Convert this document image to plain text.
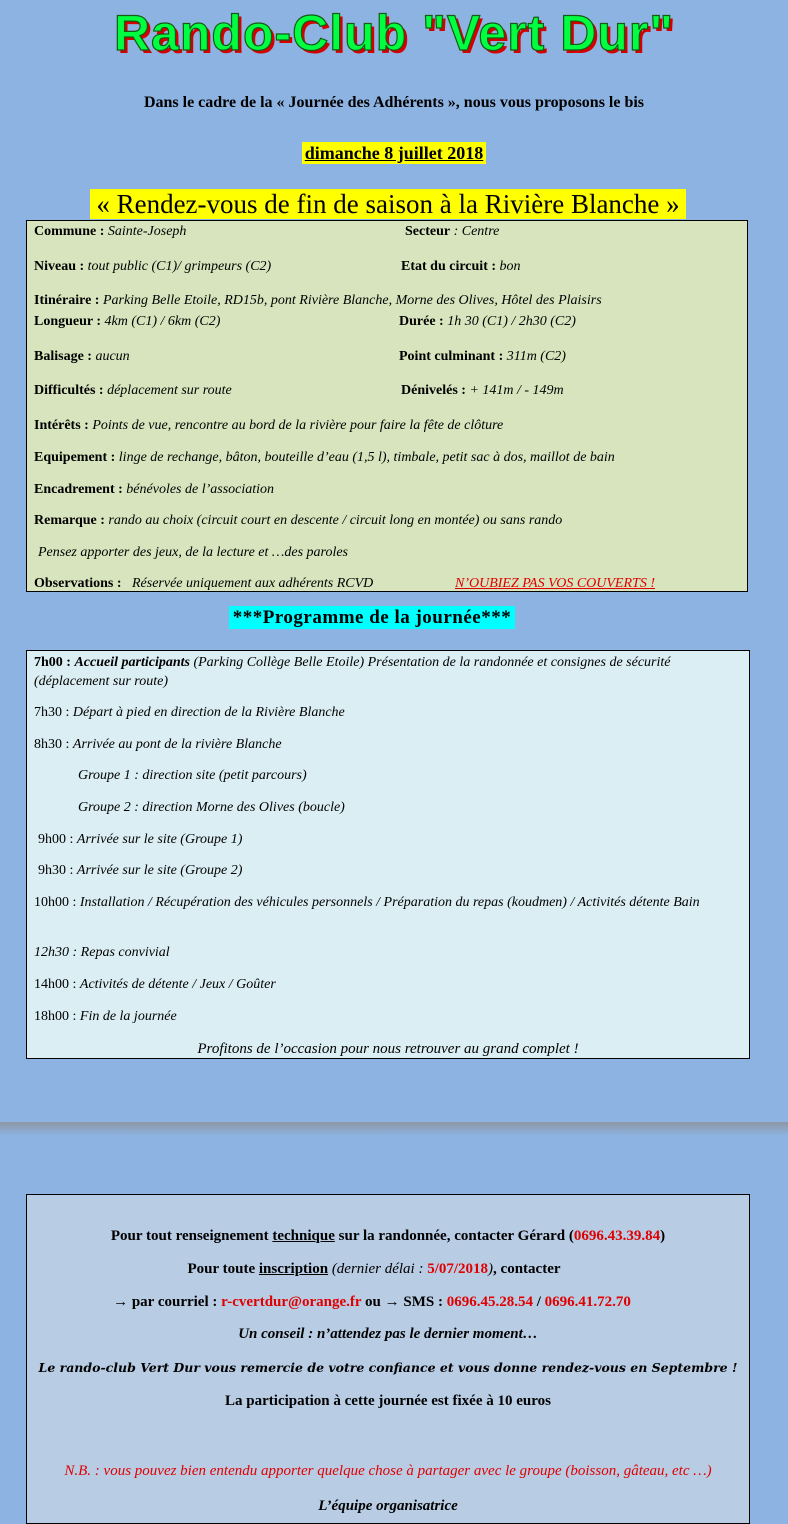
Rando-Club "Vert Dur"
Dans le cadre de la « Journée des Adhérents », nous vous proposons le bis
dimanche 8 juillet 2018
« Rendez-vous de fin de saison à la Rivière Blanche »
Commune : Sainte-Joseph	Secteur : Centre
Niveau : tout public (C1)/ grimpeurs (C2)	Etat du circuit : bon
Itinéraire : Parking Belle Etoile, RD15b, pont Rivière Blanche, Morne des Olives, Hôtel des Plaisirs
Longueur : 4km (C1) / 6km (C2)	Durée : 1h 30 (C1) / 2h30 (C2)
Balisage : aucun	Point culminant : 311m (C2)
Difficultés : déplacement sur route	Dénivelés : + 141m / - 149m
Intérêts : Points de vue, rencontre au bord de la rivière pour faire la fête de clôture
Equipement : linge de rechange, bâton, bouteille d’eau (1,5 l), timbale, petit sac à dos, maillot de bain
Encadrement : bénévoles de l’association
Remarque : rando au choix (circuit court en descente / circuit long en montée) ou sans rando
Pensez apporter des jeux, de la lecture et …des paroles
Observations : Réservée uniquement aux adhérents RCVD	N’OUBIEZ PAS VOS COUVERTS !
***Programme de la journée***
7h00 : Accueil participants (Parking Collège Belle Etoile) Présentation de la randonnée et consignes de sécurité (déplacement sur route)
7h30 : Départ à pied en direction de la Rivière Blanche
8h30 : Arrivée au pont de la rivière Blanche
Groupe 1 : direction site (petit parcours)
Groupe 2 : direction Morne des Olives (boucle)
9h00 : Arrivée sur le site (Groupe 1)
9h30 : Arrivée sur le site (Groupe 2)
10h00 : Installation / Récupération des véhicules personnels / Préparation du repas (koudmen) / Activités détente Bain
12h30 : Repas convivial
14h00 : Activités de détente / Jeux / Goûter
18h00 : Fin de la journée
Profitons de l’occasion pour nous retrouver au grand complet !
Pour tout renseignement technique sur la randonnée, contacter Gérard (0696.43.39.84)
Pour toute inscription (dernier délai : 5/07/2018), contacter
→ par courriel : r-cvertdur@orange.fr ou → SMS : 0696.45.28.54 / 0696.41.72.70
Un conseil : n’attendez pas le dernier moment…
Le rando-club Vert Dur vous remercie de votre confiance et vous donne rendez-vous en Septembre !
La participation à cette journée est fixée à 10 euros
N.B. : vous pouvez bien entendu apporter quelque chose à partager avec le groupe (boisson, gâteau, etc …)
L’équipe organisatrice
